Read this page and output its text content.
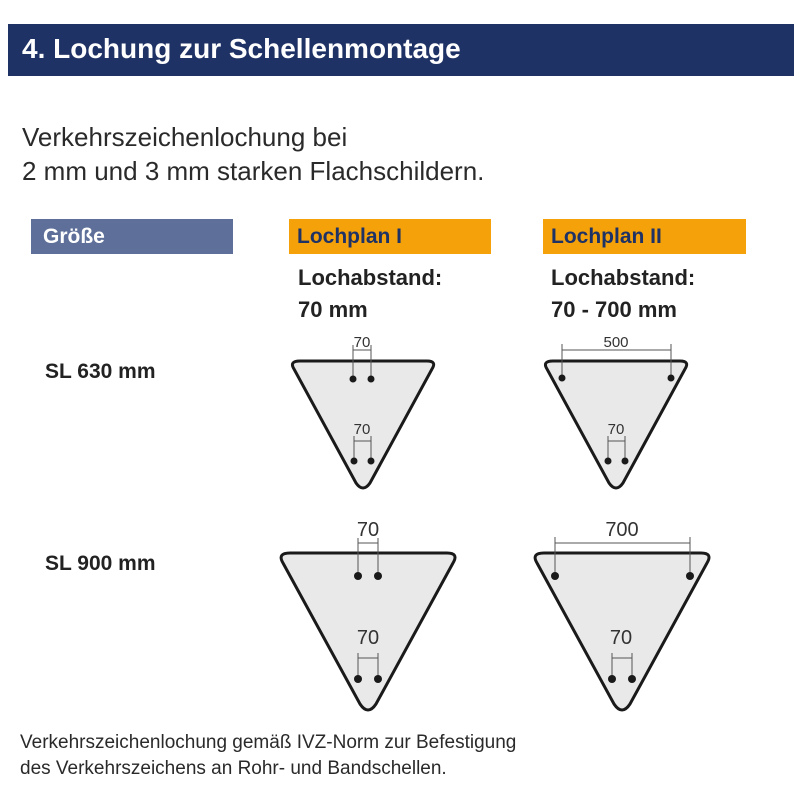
4. Lochung zur Schellenmontage
Verkehrszeichenlochung bei
2 mm und 3 mm starken Flachschildern.
Größe	Lochplan I	Lochplan II
Lochabstand:
70 mm
Lochabstand:
70 - 700 mm
SL 630 mm
SL 900 mm
70
70
500
70
70
70
700
70
Verkehrszeichenlochung gemäß IVZ-Norm zur Befestigung
des Verkehrszeichens an Rohr- und Bandschellen.
